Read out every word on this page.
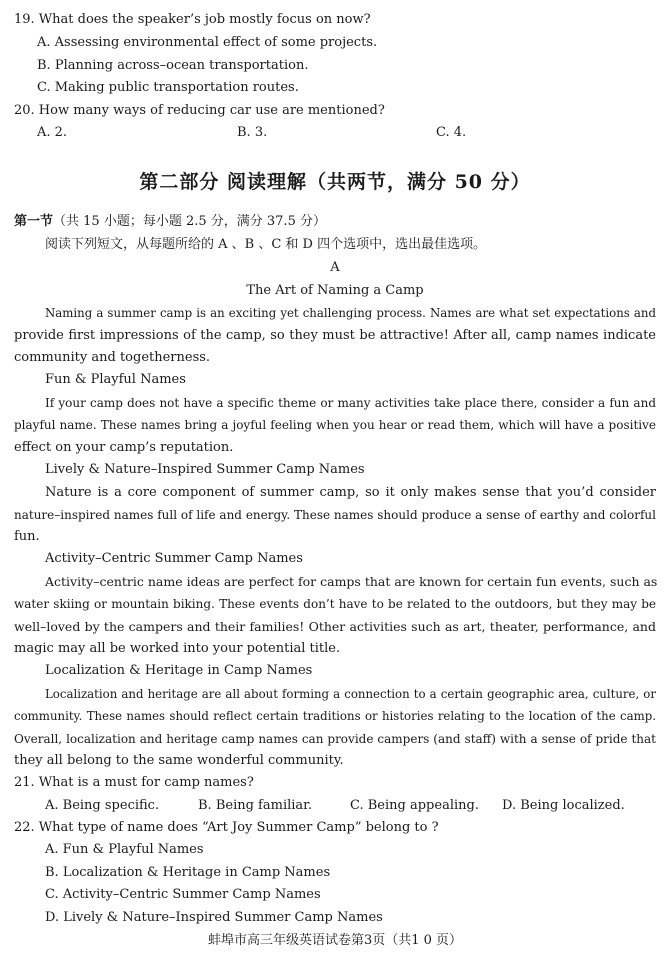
19. What does the speaker’s job mostly focus on now?
A. Assessing environmental effect of some projects.
B. Planning across–ocean transportation.
C. Making public transportation routes.
20. How many ways of reducing car use are mentioned?
A. 2.	B. 3.	C. 4.
第二部分 阅读理解（共两节，满分 50 分）
第一节（共 15 小题；每小题 2.5 分，满分 37.5 分）
阅读下列短文，从每题所给的 A 、B 、C 和 D 四个选项中，选出最佳选项。
A
The Art of Naming a Camp
Naming a summer camp is an exciting yet challenging process. Names are what set expectations and
provide first impressions of the camp, so they must be attractive! After all, camp names indicate
community and togetherness.
Fun & Playful Names
If your camp does not have a specific theme or many activities take place there, consider a fun and
playful name. These names bring a joyful feeling when you hear or read them, which will have a positive
effect on your camp’s reputation.
Lively & Nature–Inspired Summer Camp Names
Nature is a core component of summer camp, so it only makes sense that you’d consider
nature–inspired names full of life and energy. These names should produce a sense of earthy and colorful
fun.
Activity–Centric Summer Camp Names
Activity–centric name ideas are perfect for camps that are known for certain fun events, such as
water skiing or mountain biking. These events don’t have to be related to the outdoors, but they may be
well–loved by the campers and their families! Other activities such as art, theater, performance, and
magic may all be worked into your potential title.
Localization & Heritage in Camp Names
Localization and heritage are all about forming a connection to a certain geographic area, culture, or
community. These names should reflect certain traditions or histories relating to the location of the camp.
Overall, localization and heritage camp names can provide campers (and staff) with a sense of pride that
they all belong to the same wonderful community.
21. What is a must for camp names?
A. Being specific.	B. Being familiar.	C. Being appealing. D. Being localized.
22. What type of name does “Art Joy Summer Camp” belong to ?
A. Fun & Playful Names
B. Localization & Heritage in Camp Names
C. Activity–Centric Summer Camp Names
D. Lively & Nature–Inspired Summer Camp Names
蚌埠市高三年级英语试卷第3页（共1 0 页）
